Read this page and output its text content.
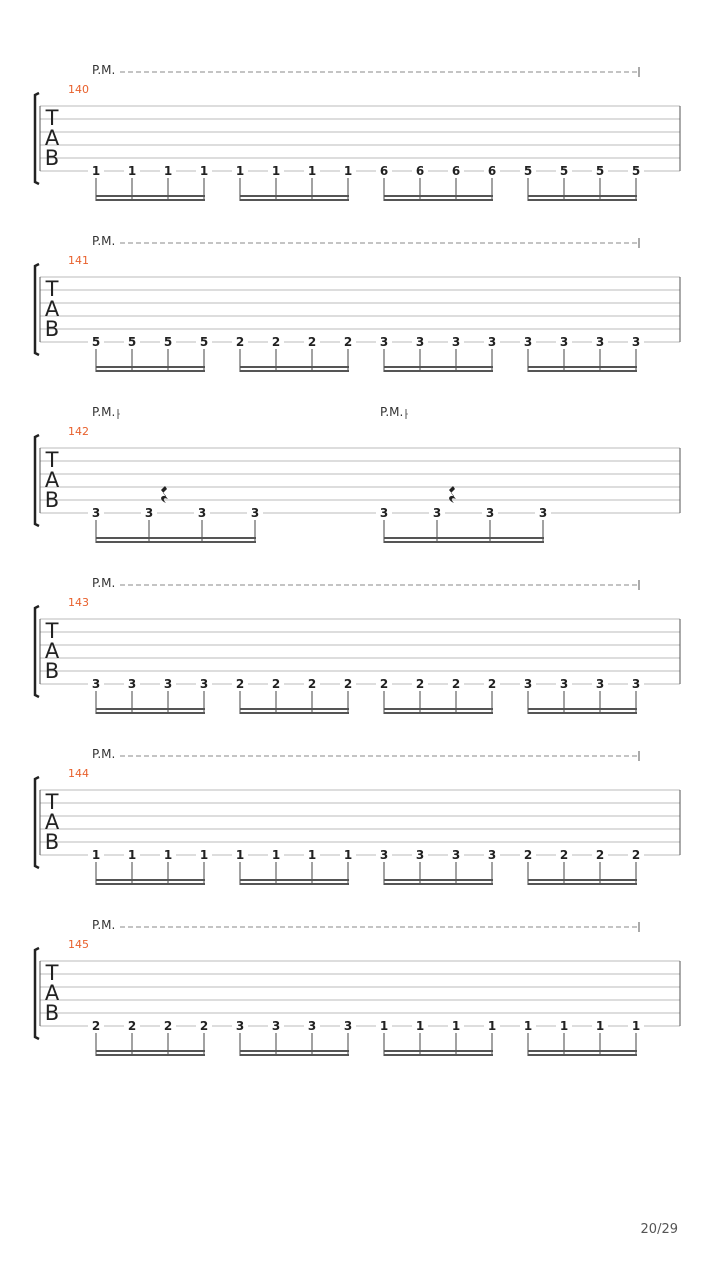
T
A
B
140
P.M.
1	1	1	1	1	1	1	1	6	6	6	6	5	5	5	5
T
A
B
141
P.M.
5	5	5	5	2	2	2	2	3	3	3	3	3	3	3	3
T
A
B
142
P.M.	P.M.
3	3	3	3	3	3	3	3
T
A
B
143
P.M.
3	3	3	3	2	2	2	2	2	2	2	2	3	3	3	3
T
A
B
144
P.M.
1	1	1	1	1	1	1	1	3	3	3	3	2	2	2	2
T
A
B
145
P.M.
2	2	2	2	3	3	3	3	1	1	1	1	1	1	1	1
20/29
